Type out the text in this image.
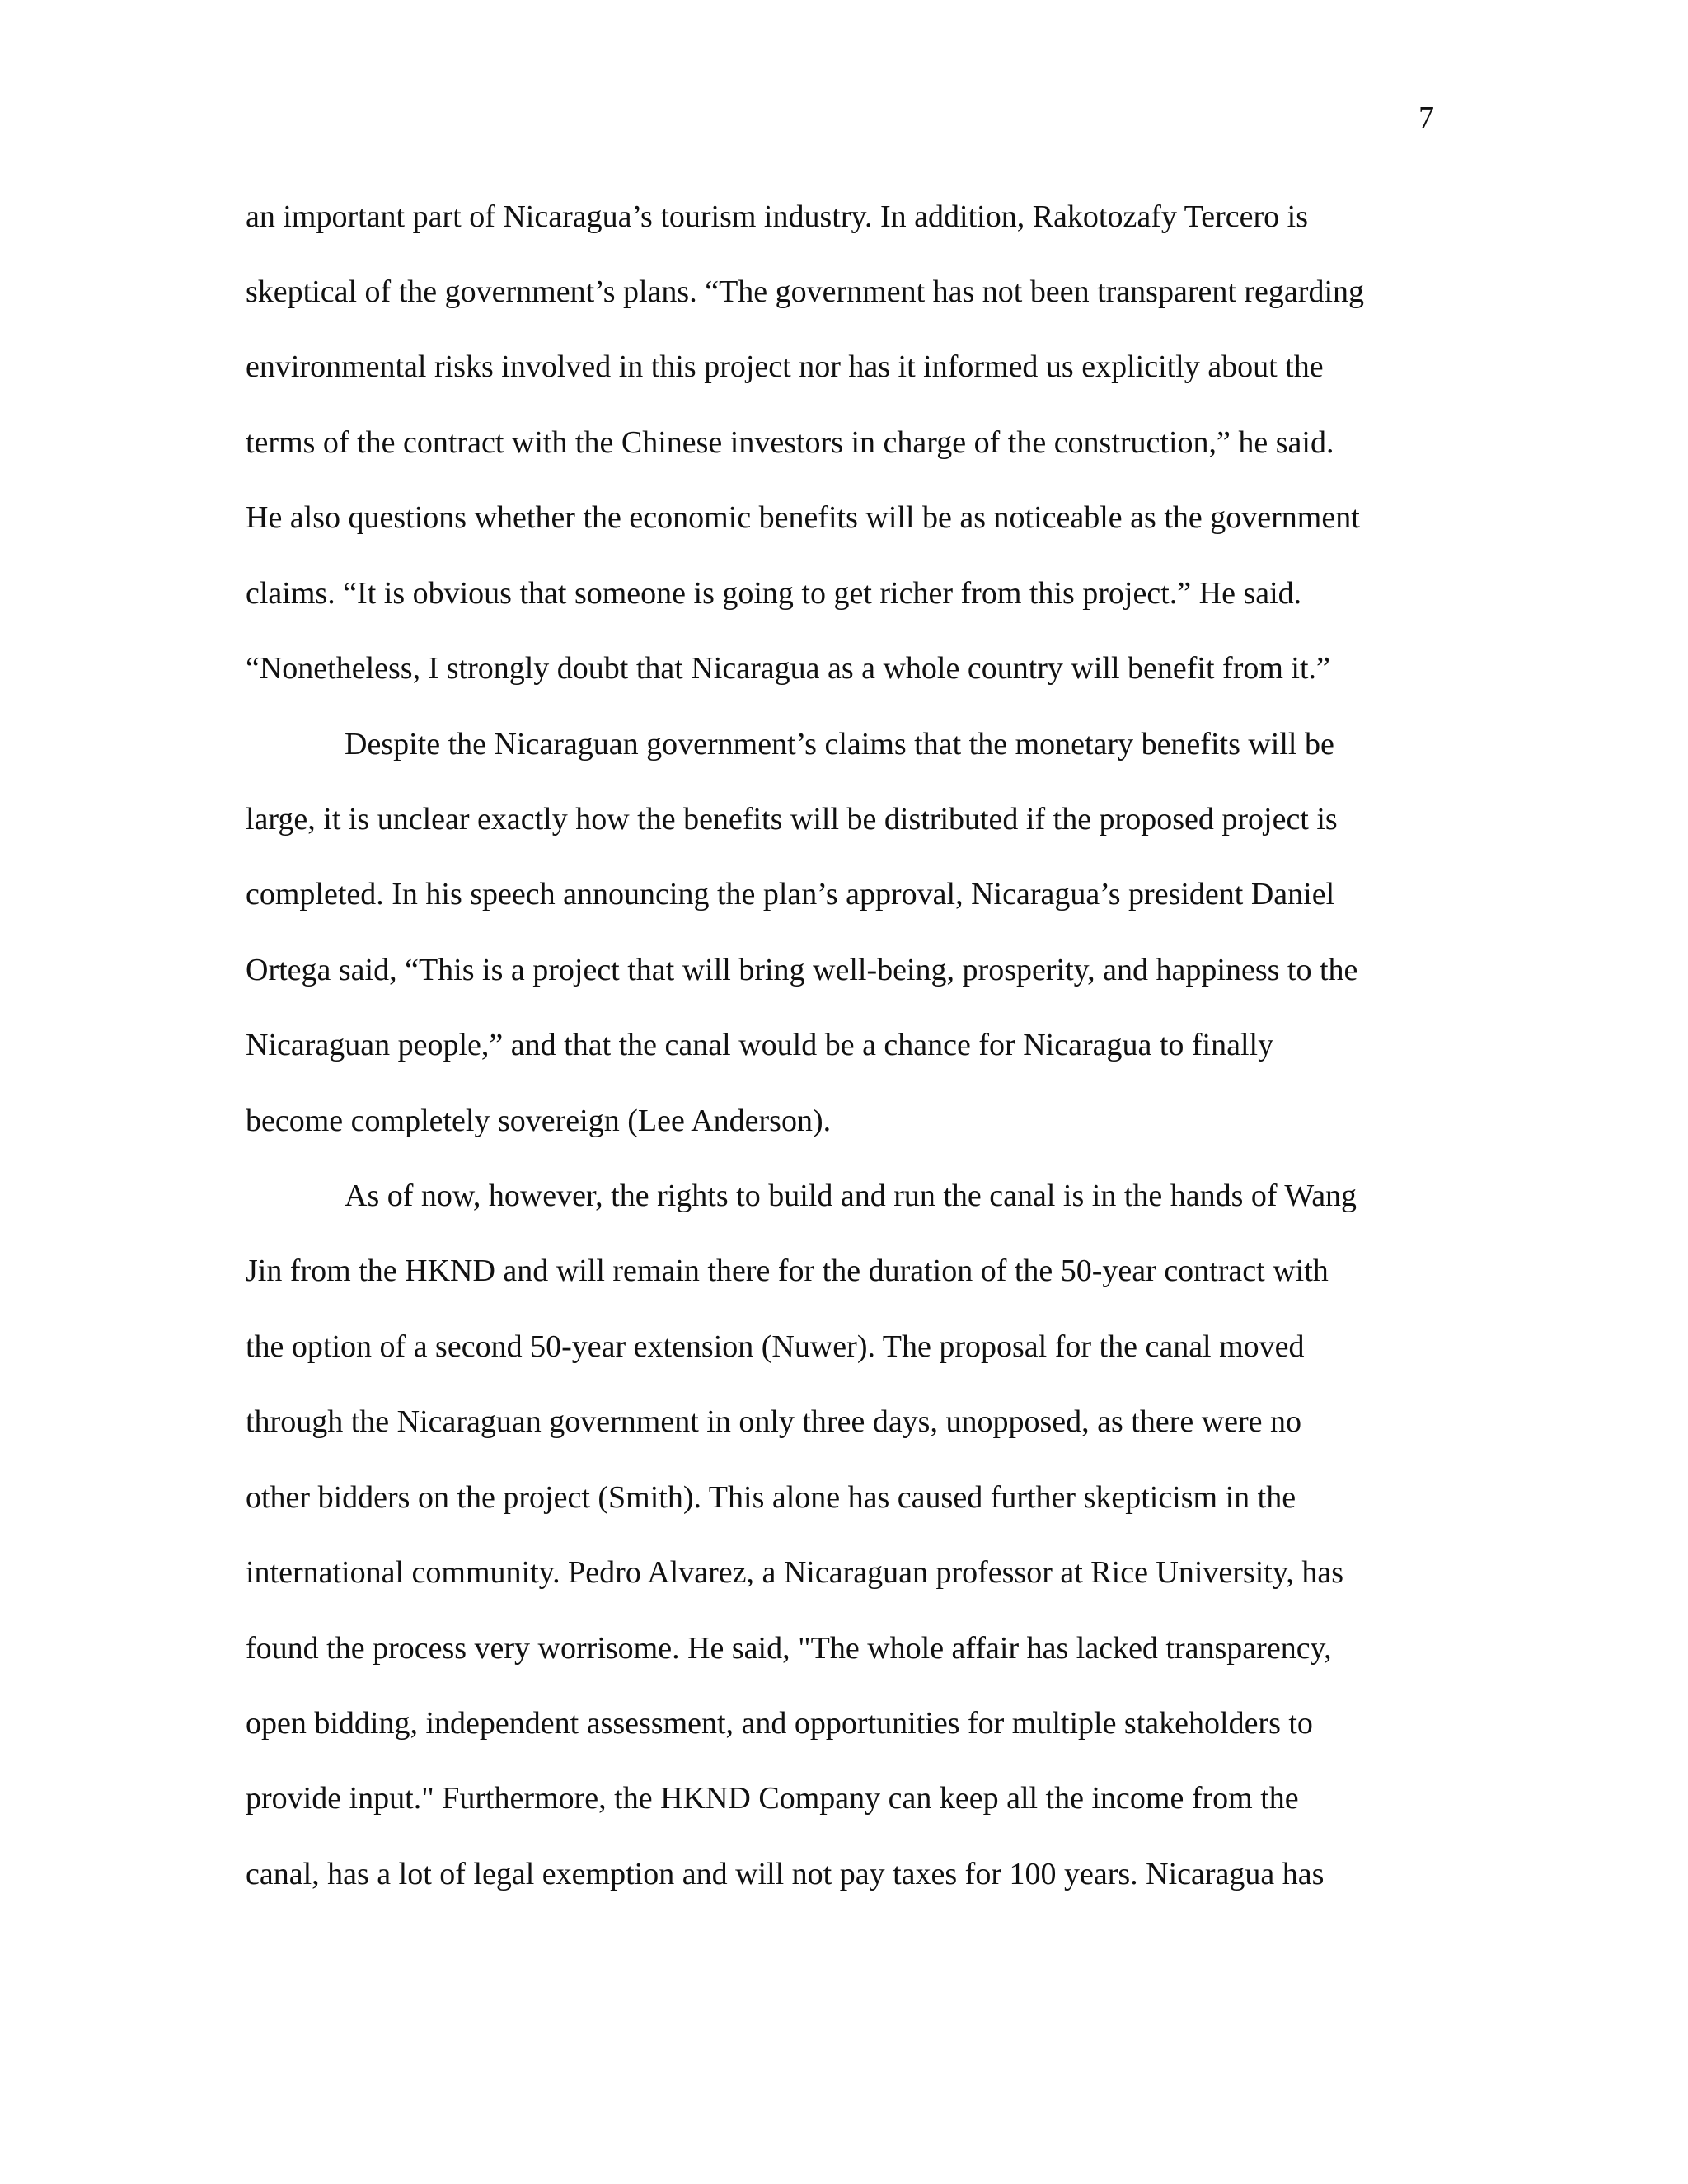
7
an important part of Nicaragua’s tourism industry. In addition, Rakotozafy Tercero is
skeptical of the government’s plans. “The government has not been transparent regarding
environmental risks involved in this project nor has it informed us explicitly about the
terms of the contract with the Chinese investors in charge of the construction,” he said.
He also questions whether the economic benefits will be as noticeable as the government
claims. “It is obvious that someone is going to get richer from this project.” He said.
“Nonetheless, I strongly doubt that Nicaragua as a whole country will benefit from it.”
Despite the Nicaraguan government’s claims that the monetary benefits will be
large, it is unclear exactly how the benefits will be distributed if the proposed project is
completed. In his speech announcing the plan’s approval, Nicaragua’s president Daniel
Ortega said, “This is a project that will bring well-being, prosperity, and happiness to the
Nicaraguan people,” and that the canal would be a chance for Nicaragua to finally
become completely sovereign (Lee Anderson).
As of now, however, the rights to build and run the canal is in the hands of Wang
Jin from the HKND and will remain there for the duration of the 50-year contract with
the option of a second 50-year extension (Nuwer). The proposal for the canal moved
through the Nicaraguan government in only three days, unopposed, as there were no
other bidders on the project (Smith). This alone has caused further skepticism in the
international community. Pedro Alvarez, a Nicaraguan professor at Rice University, has
found the process very worrisome. He said, "The whole affair has lacked transparency,
open bidding, independent assessment, and opportunities for multiple stakeholders to
provide input." Furthermore, the HKND Company can keep all the income from the
canal, has a lot of legal exemption and will not pay taxes for 100 years. Nicaragua has
